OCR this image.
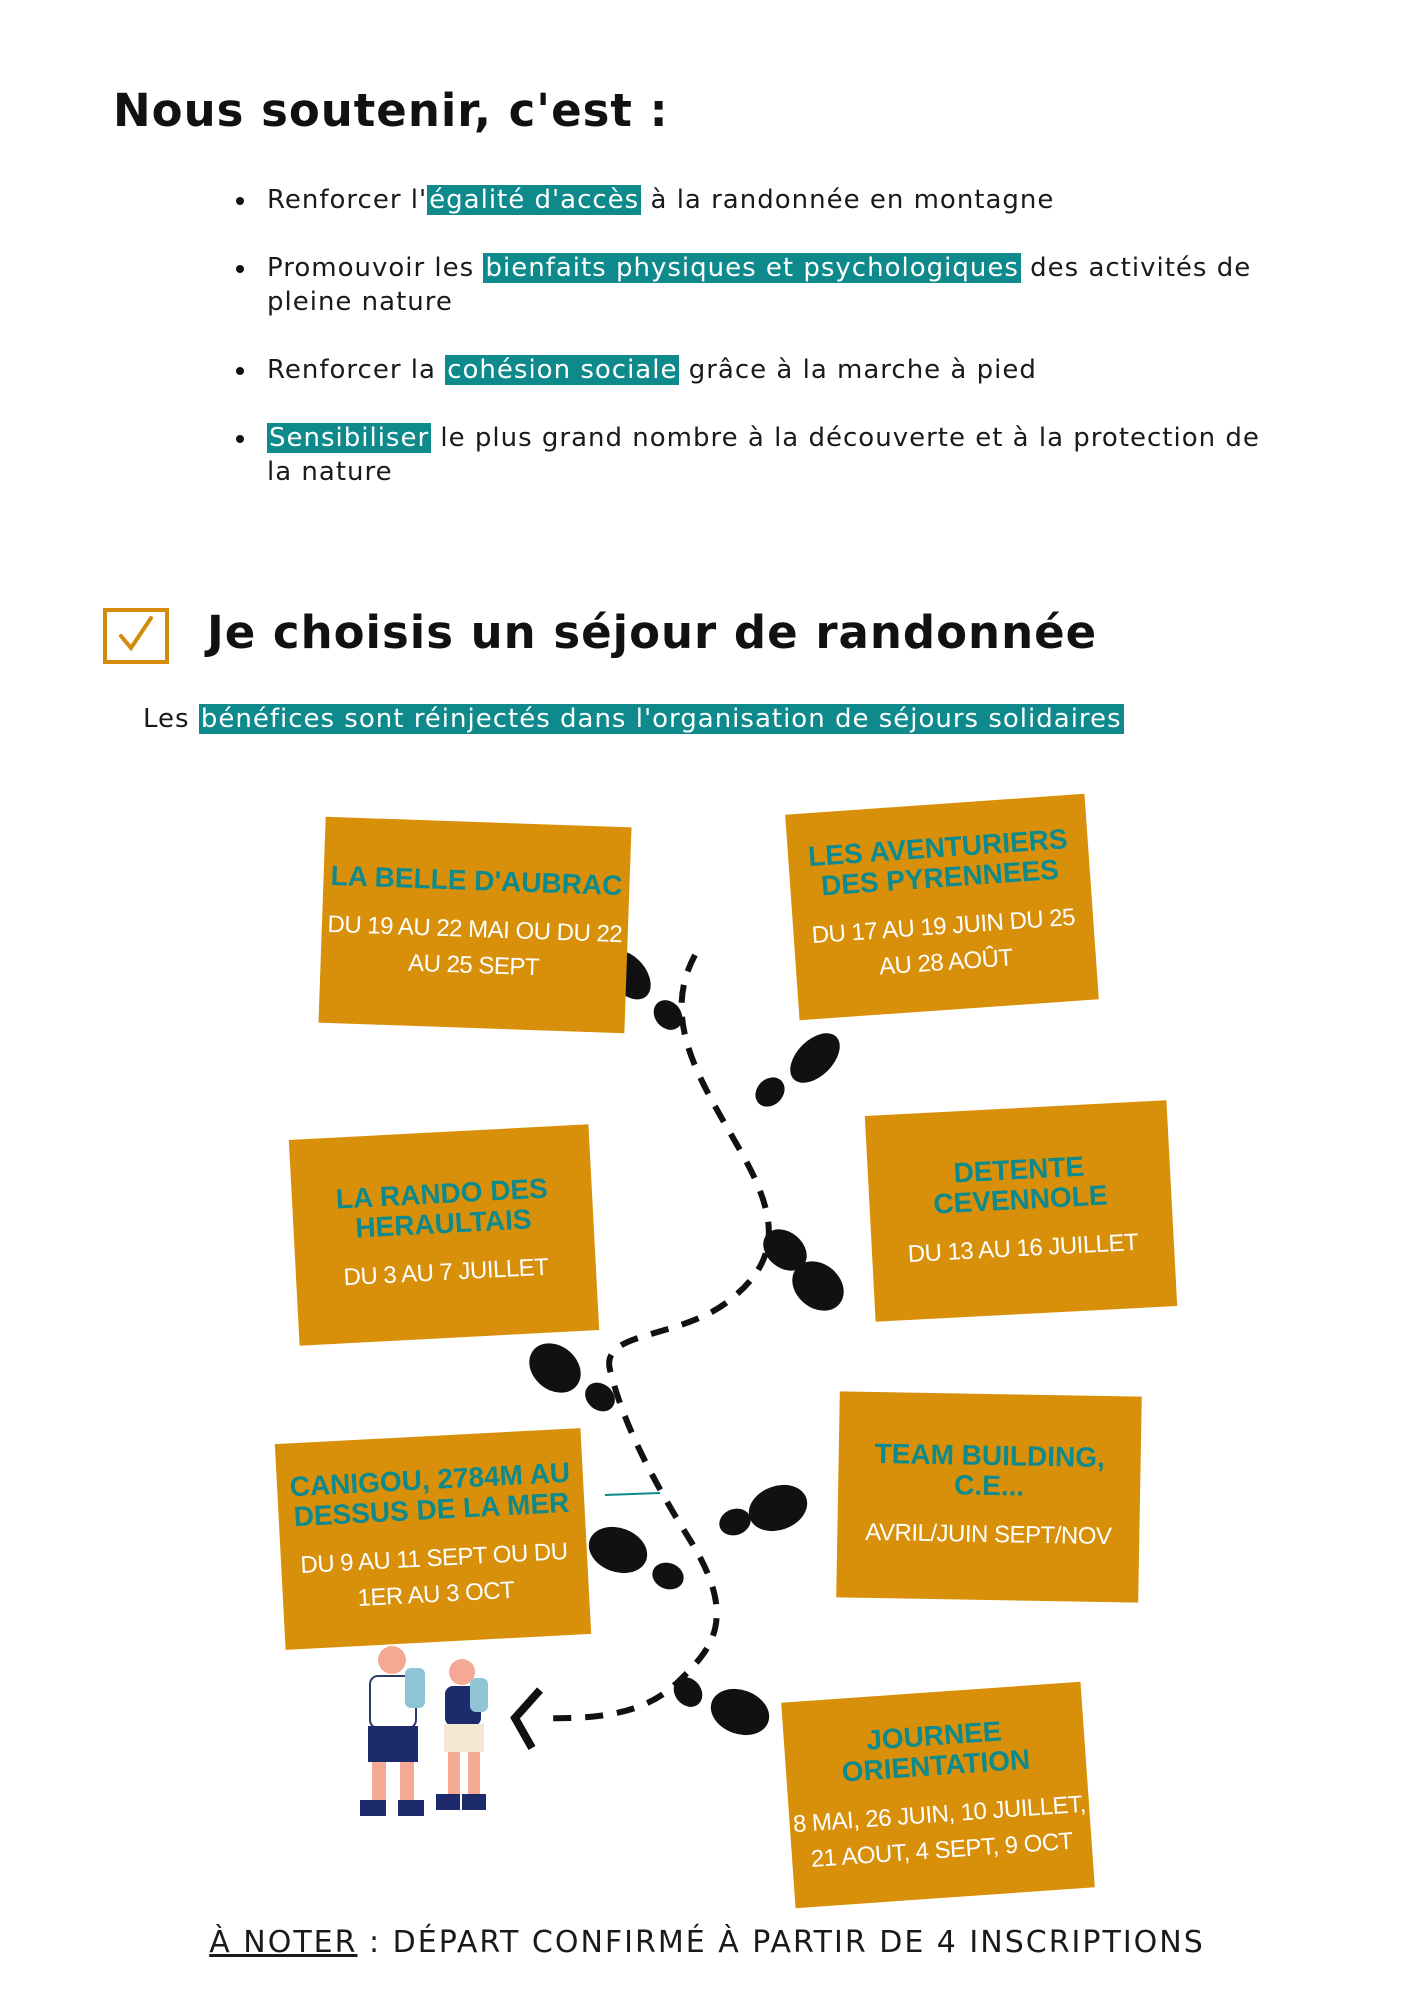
Nous soutenir, c'est :
Renforcer l'égalité d'accès à la randonnée en montagne
Promouvoir les bienfaits physiques et psychologiques des activités de pleine nature
Renforcer la cohésion sociale grâce à la marche à pied
Sensibiliser le plus grand nombre à la découverte et à la protection de la nature
Je choisis un séjour de randonnée
Les bénéfices sont réinjectés dans l'organisation de séjours solidaires
LA BELLE D'AUBRAC
DU 19 AU 22 MAI OU DU 22 AU 25 SEPT
LES AVENTURIERS DES PYRENNEES
DU 17 AU 19 JUIN DU 25 AU 28 AOÛT
LA RANDO DES HERAULTAIS
DU 3 AU 7 JUILLET
DETENTE CEVENNOLE
DU 13 AU 16 JUILLET
CANIGOU, 2784M AU DESSUS DE LA MER
DU 9 AU 11 SEPT OU DU 1ER AU 3 OCT
TEAM BUILDING, C.E...
AVRIL/JUIN SEPT/NOV
JOURNEE ORIENTATION
8 MAI, 26 JUIN, 10 JUILLET, 21 AOUT, 4 SEPT, 9 OCT
À NOTER : DÉPART CONFIRMÉ À PARTIR DE 4 INSCRIPTIONS
